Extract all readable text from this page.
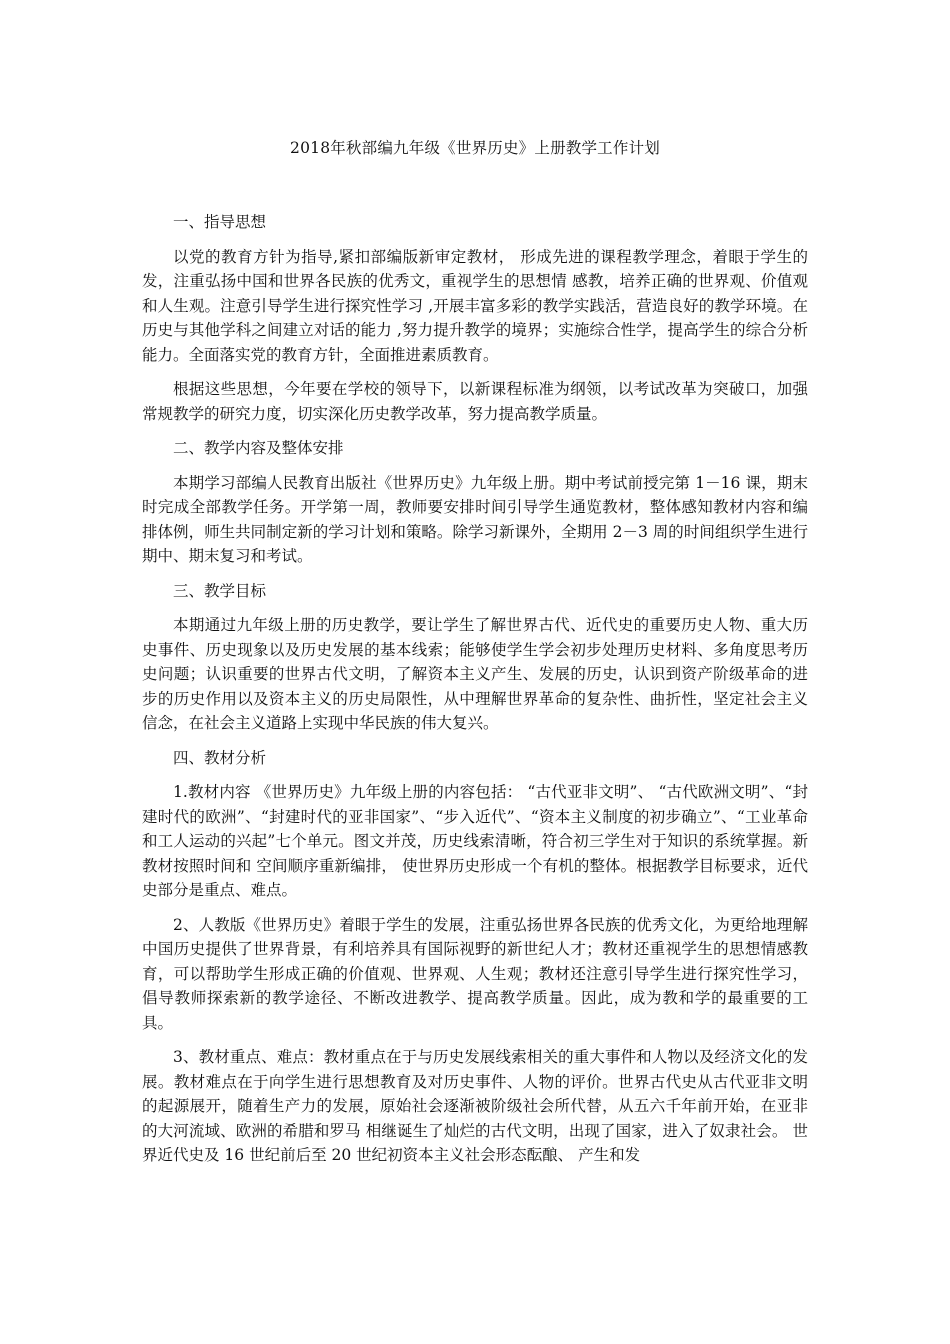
2018年秋部编九年级《世界历史》上册教学工作计划
一、指导思想

以党的教育方针为指导,紧扣部编版新审定教材， 形成先进的课程教学理念，着眼于学生的发，注重弘扬中国和世界各民族的优秀文，重视学生的思想情 感教，培养正确的世界观、价值观和人生观。注意引导学生进行探究性学习 ,开展丰富多彩的教学实践活，营造良好的教学环境。在历史与其他学科之间建立对话的能力 ,努力提升教学的境界；实施综合性学，提高学生的综合分析能力。全面落实党的教育方针，全面推进素质教育。

根据这些思想，今年要在学校的领导下，以新课程标准为纲领，以考试改革为突破口，加强常规教学的研究力度，切实深化历史教学改革，努力提高教学质量。

二、教学内容及整体安排

本期学习部编人民教育出版社《世界历史》九年级上册。期中考试前授完第 1－16 课，期末时完成全部教学任务。开学第一周，教师要安排时间引导学生通览教材，整体感知教材内容和编排体例，师生共同制定新的学习计划和策略。除学习新课外，全期用 2－3 周的时间组织学生进行期中、期末复习和考试。

三、教学目标

本期通过九年级上册的历史教学，要让学生了解世界古代、近代史的重要历史人物、重大历史事件、历史现象以及历史发展的基本线索；能够使学生学会初步处理历史材料、多角度思考历史问题；认识重要的世界古代文明，了解资本主义产生、发展的历史，认识到资产阶级革命的进步的历史作用以及资本主义的历史局限性，从中理解世界革命的复杂性、曲折性，坚定社会主义信念，在社会主义道路上实现中华民族的伟大复兴。

四、教材分析

1.教材内容 《世界历史》九年级上册的内容包括： “古代亚非文明”、 “古代欧洲文明”、“封建时代的欧洲”、“封建时代的亚非国家”、“步入近代”、“资本主义制度的初步确立”、“工业革命和工人运动的兴起”七个单元。图文并茂，历史线索清晰，符合初三学生对于知识的系统掌握。新教材按照时间和 空间顺序重新编排， 使世界历史形成一个有机的整体。根据教学目标要求，近代史部分是重点、难点。

2、人教版《世界历史》着眼于学生的发展，注重弘扬世界各民族的优秀文化，为更给地理解中国历史提供了世界背景，有利培养具有国际视野的新世纪人才；教材还重视学生的思想情感教育，可以帮助学生形成正确的价值观、世界观、人生观；教材还注意引导学生进行探究性学习，倡导教师探索新的教学途径、不断改进教学、提高教学质量。因此，成为教和学的最重要的工具。

3、教材重点、难点：教材重点在于与历史发展线索相关的重大事件和人物以及经济文化的发展。教材难点在于向学生进行思想教育及对历史事件、人物的评价。世界古代史从古代亚非文明的起源展开，随着生产力的发展，原始社会逐渐被阶级社会所代替，从五六千年前开始，在亚非的大河流域、欧洲的希腊和罗马 相继诞生了灿烂的古代文明，出现了国家，进入了奴隶社会。 世界近代史及 16 世纪前后至 20 世纪初资本主义社会形态酝酿、 产生和发
